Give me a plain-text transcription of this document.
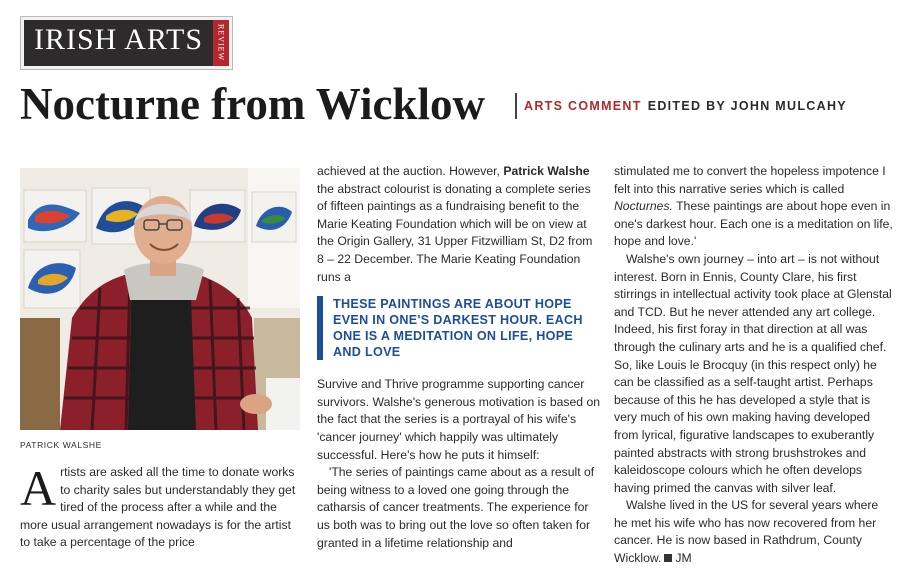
IRISH ARTS	REVIEW
Nocturne from Wicklow	ARTS COMMENT EDITED BY JOHN MULCAHY

PATRICK WALSHE

Artists are asked all the time to donate works to charity sales but understandably they get tired of the process after a while and the more usual arrangement nowadays is for the artist to take a percentage of the price

achieved at the auction. However, Patrick Walshe the abstract colourist is donating a complete series of fifteen paintings as a fundraising benefit to the Marie Keating Foundation which will be on view at the Origin Gallery, 31 Upper Fitzwilliam St, D2 from 8 – 22 December. The Marie Keating Foundation runs a

THESE PAINTINGS ARE ABOUT HOPE EVEN IN ONE'S DARKEST HOUR. EACH ONE IS A MEDITATION ON LIFE, HOPE AND LOVE

Survive and Thrive programme supporting cancer survivors. Walshe's generous motivation is based on the fact that the series is a portrayal of his wife's 'cancer journey' which happily was ultimately successful. Here's how he puts it himself:

'The series of paintings came about as a result of being witness to a loved one going through the catharsis of cancer treatments. The experience for us both was to bring out the love so often taken for granted in a lifetime relationship and

stimulated me to convert the hopeless impotence I felt into this narrative series which is called Nocturnes. These paintings are about hope even in one's darkest hour. Each one is a meditation on life, hope and love.'

Walshe's own journey – into art – is not without interest. Born in Ennis, County Clare, his first stirrings in intellectual activity took place at Glenstal and TCD. But he never attended any art college. Indeed, his first foray in that direction at all was through the culinary arts and he is a qualified chef. So, like Louis le Brocquy (in this respect only) he can be classified as a self-taught artist. Perhaps because of this he has developed a style that is very much of his own making having developed from lyrical, figurative landscapes to exuberantly painted abstracts with strong brushstrokes and kaleidoscope colours which he often develops having primed the canvas with silver leaf.

Walshe lived in the US for several years where he met his wife who has now recovered from her cancer. He is now based in Rathdrum, County Wicklow. JM
